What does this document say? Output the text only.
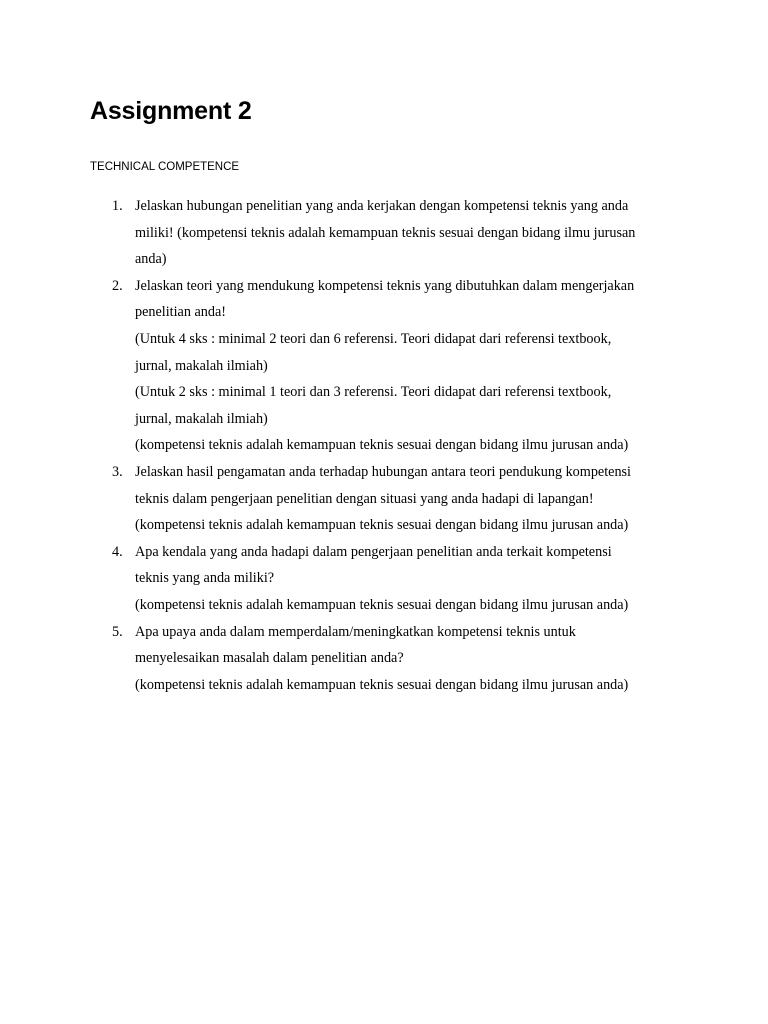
Assignment 2
TECHNICAL COMPETENCE
1. Jelaskan hubungan penelitian yang anda kerjakan dengan kompetensi teknis yang anda
miliki! (kompetensi teknis adalah kemampuan teknis sesuai dengan bidang ilmu jurusan
anda)
2. Jelaskan teori yang mendukung kompetensi teknis yang dibutuhkan dalam mengerjakan
penelitian anda!
(Untuk 4 sks : minimal 2 teori dan 6 referensi. Teori didapat dari referensi textbook,
jurnal, makalah ilmiah)
(Untuk 2 sks : minimal 1 teori dan 3 referensi. Teori didapat dari referensi textbook,
jurnal, makalah ilmiah)
(kompetensi teknis adalah kemampuan teknis sesuai dengan bidang ilmu jurusan anda)
3. Jelaskan hasil pengamatan anda terhadap hubungan antara teori pendukung kompetensi
teknis dalam pengerjaan penelitian dengan situasi yang anda hadapi di lapangan!
(kompetensi teknis adalah kemampuan teknis sesuai dengan bidang ilmu jurusan anda)
4. Apa kendala yang anda hadapi dalam pengerjaan penelitian anda terkait kompetensi
teknis yang anda miliki?
(kompetensi teknis adalah kemampuan teknis sesuai dengan bidang ilmu jurusan anda)
5. Apa upaya anda dalam memperdalam/meningkatkan kompetensi teknis untuk
menyelesaikan masalah dalam penelitian anda?
(kompetensi teknis adalah kemampuan teknis sesuai dengan bidang ilmu jurusan anda)
